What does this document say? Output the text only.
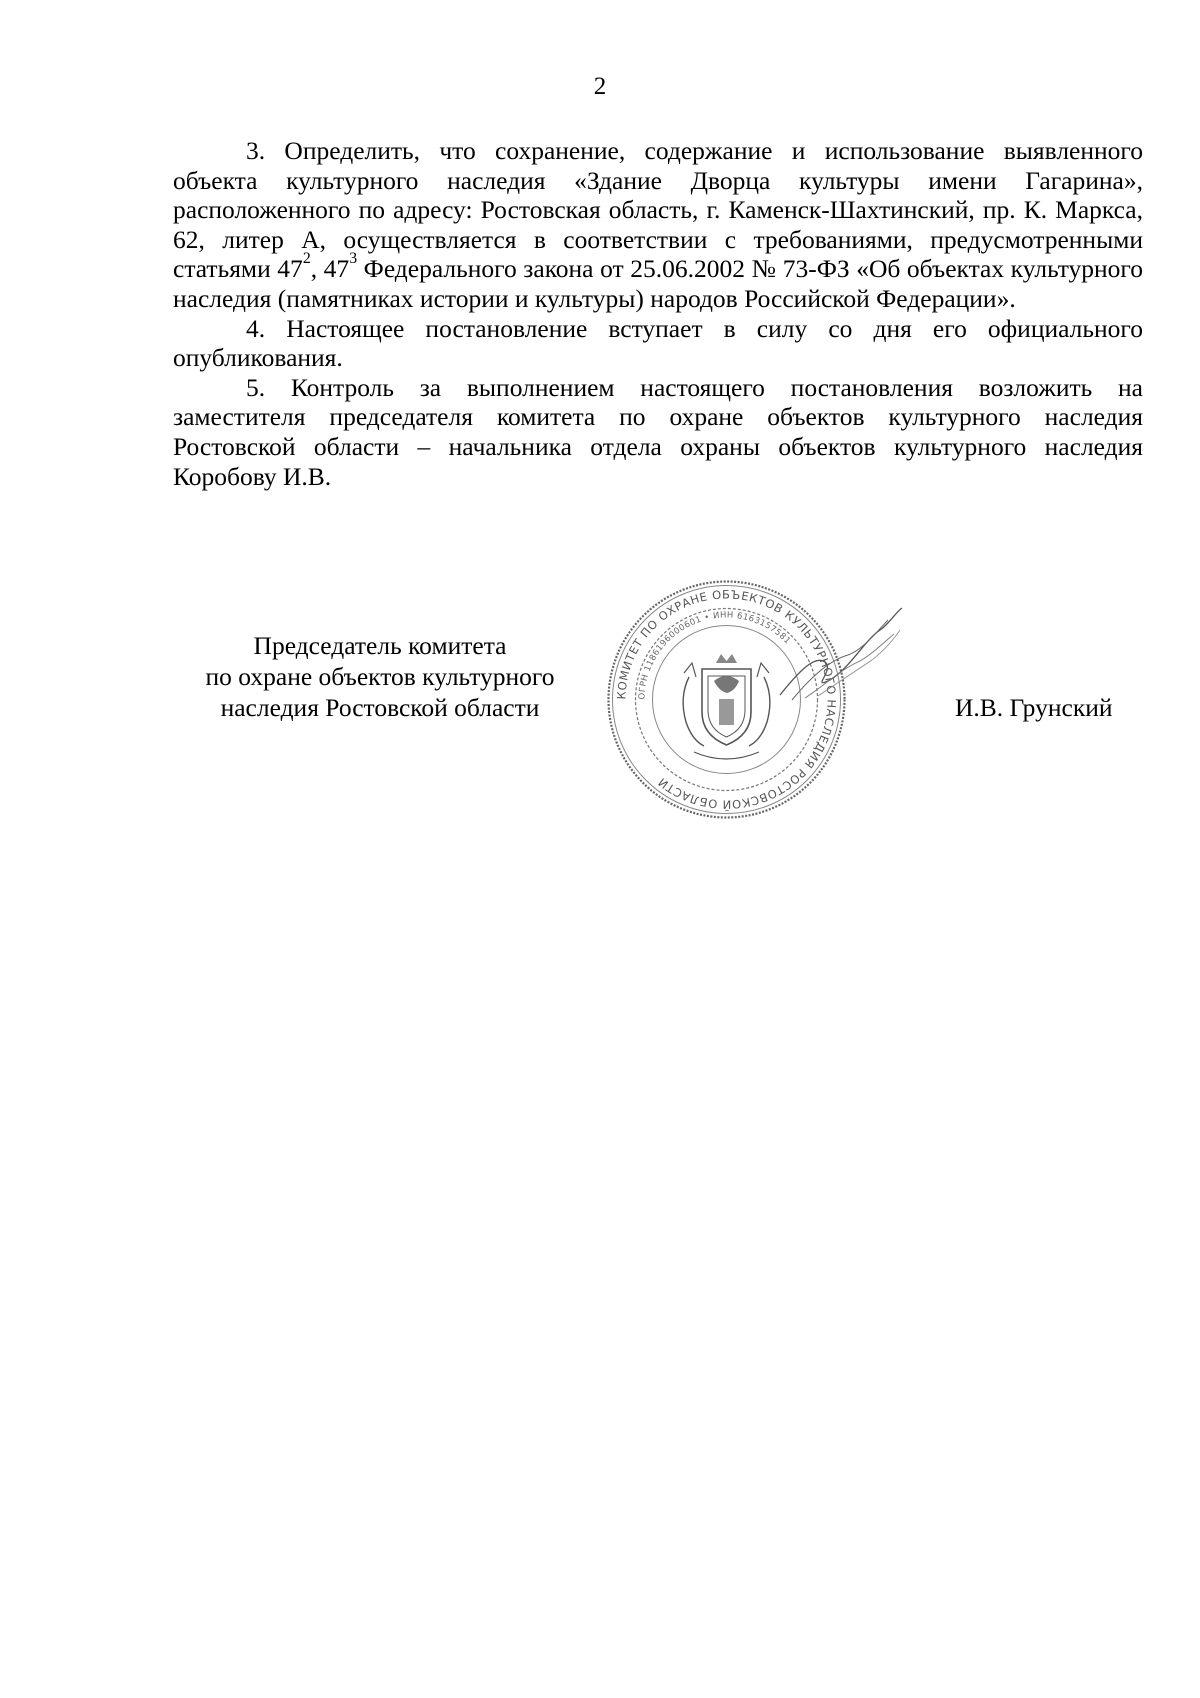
2

3. Определить, что сохранение, содержание и использование выявленного объекта культурного наследия «Здание Дворца культуры имени Гагарина», расположенного по адресу: Ростовская область, г. Каменск-Шахтинский, пр. К. Маркса, 62, литер А, осуществляется в соответствии с требованиями, предусмотренными статьями $47^2$, $47^3$ Федерального закона от 25.06.2002 № 73-ФЗ «Об объектах культурного наследия (памятниках истории и культуры) народов Российской Федерации».

4. Настоящее постановление вступает в силу со дня его официального опубликования.

5. Контроль за выполнением настоящего постановления возложить на заместителя председателя комитета по охране объектов культурного наследия Ростовской области – начальника отдела охраны объектов культурного наследия Коробову И.В.

Председатель комитета
по охране объектов культурного
наследия Ростовской области	КОМИТЕТ ПО ОХРАНЕ ОБЪЕКТОВ КУЛЬТУРНОГО НАСЛЕДИЯ РОСТОВСКОЙ ОБЛАСТИ
ОГРН 1186196000601 • ИНН 6163157581
И.В. Грунский
